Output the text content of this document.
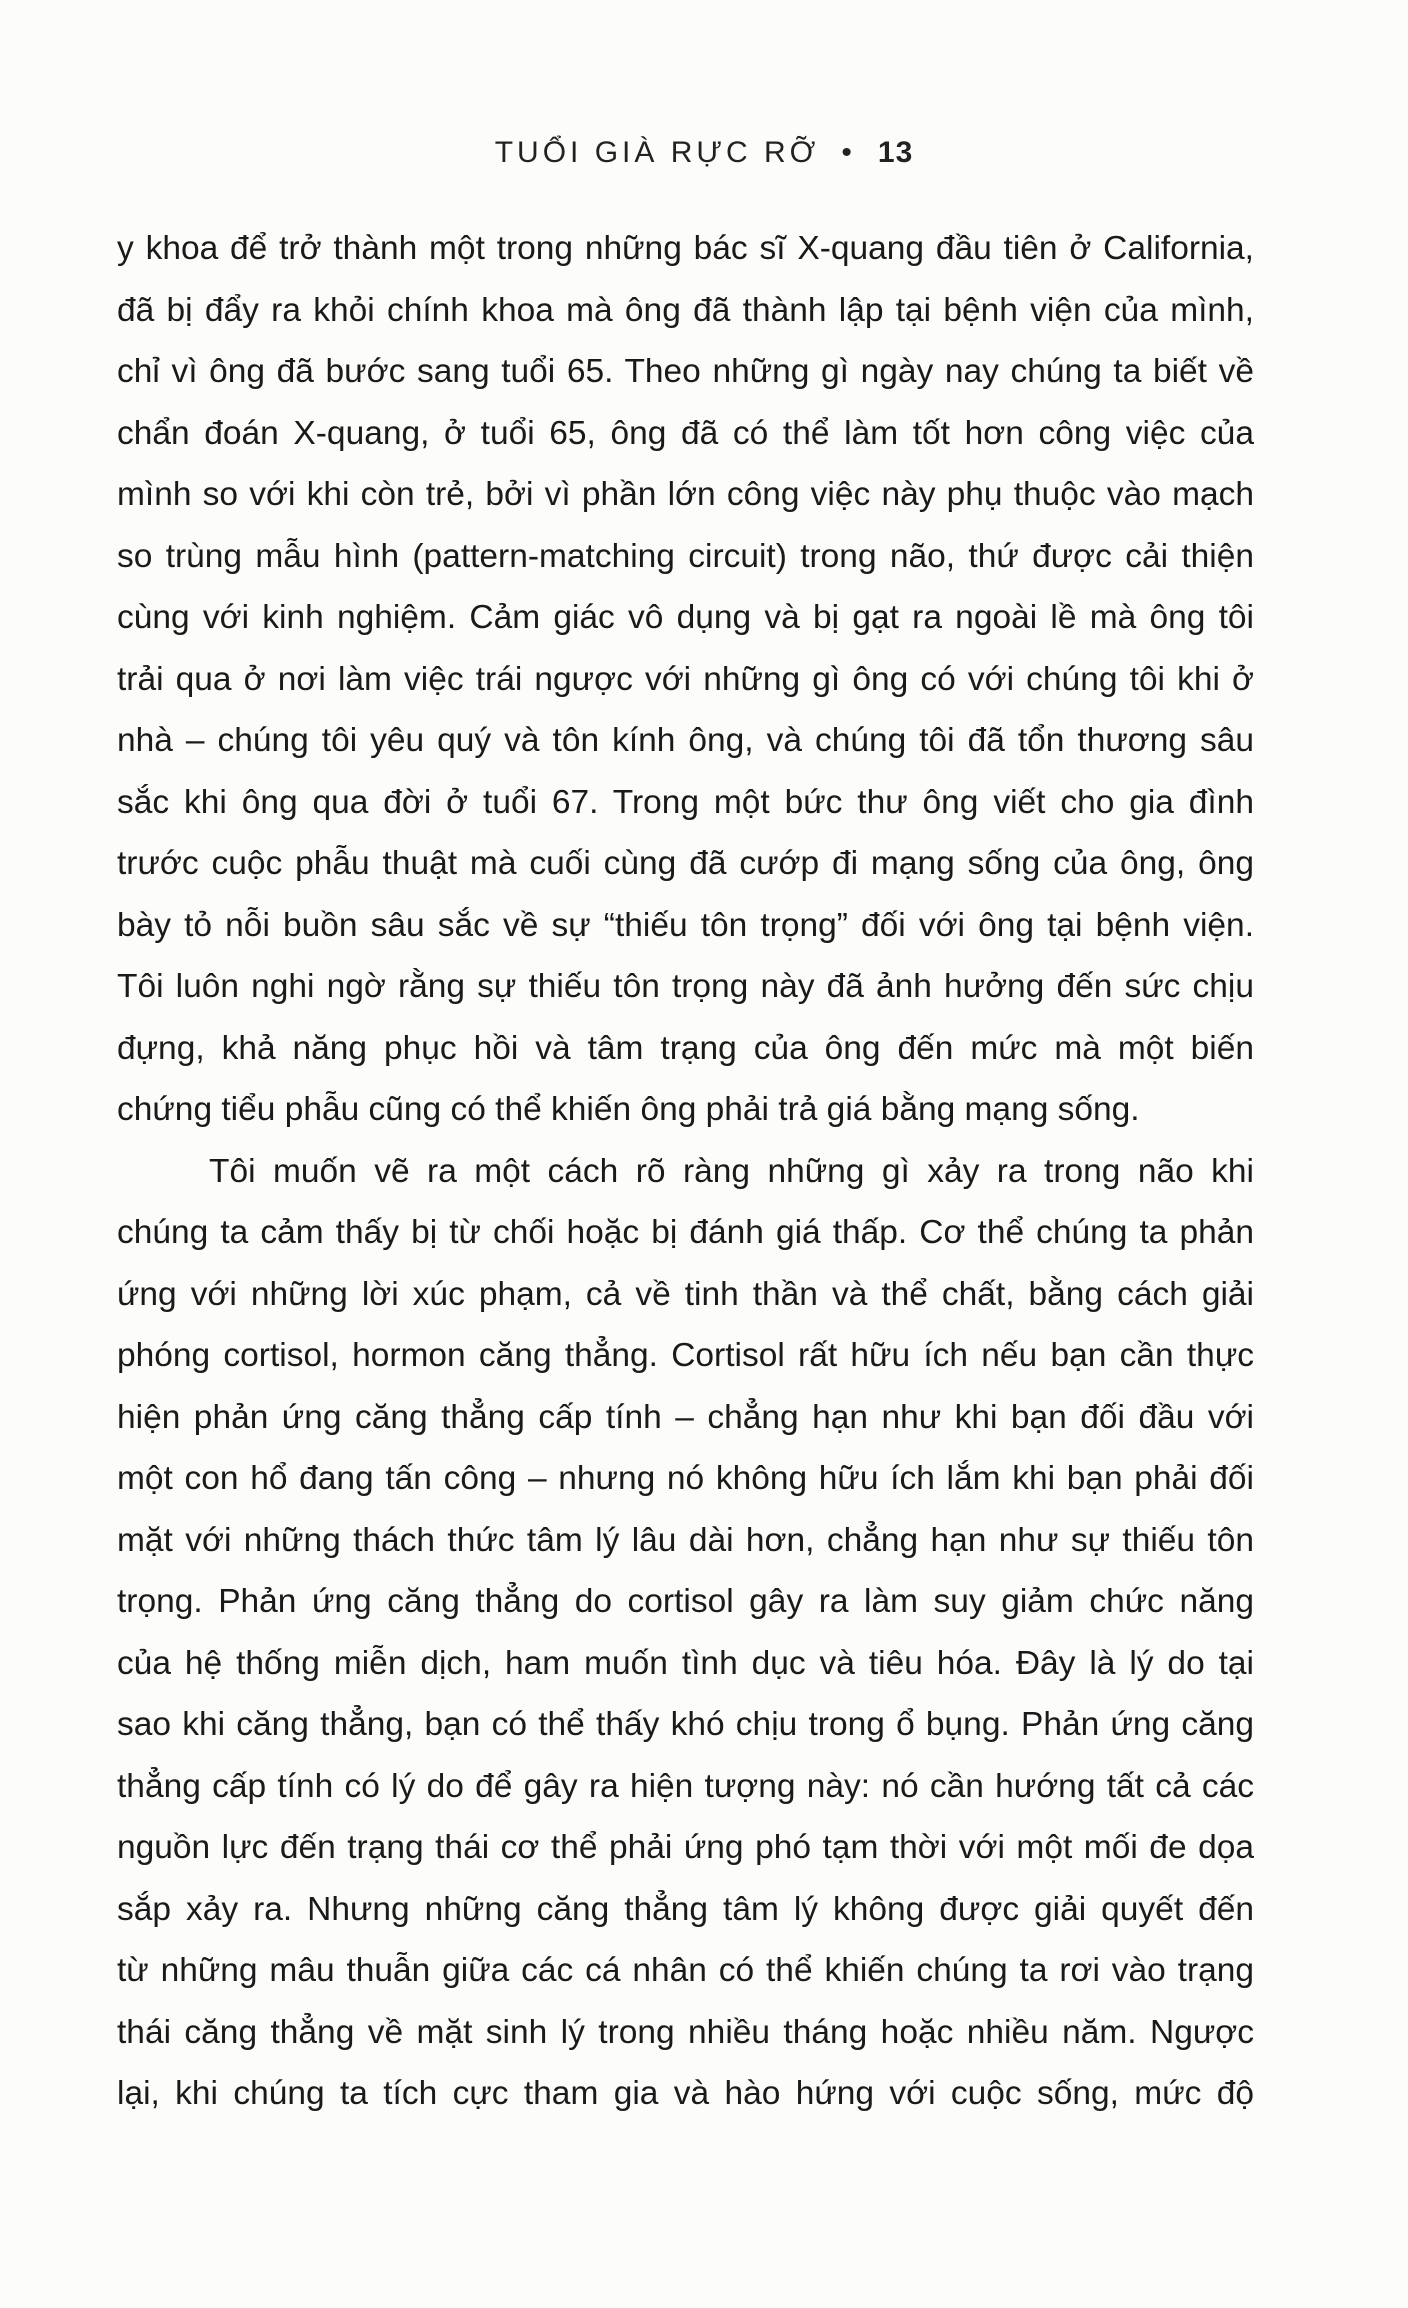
TUỔI GIÀ RỰC RỠ • 13
y khoa để trở thành một trong những bác sĩ X-quang đầu tiên ở California,
đã bị đẩy ra khỏi chính khoa mà ông đã thành lập tại bệnh viện của mình,
chỉ vì ông đã bước sang tuổi 65. Theo những gì ngày nay chúng ta biết về
chẩn đoán X-quang, ở tuổi 65, ông đã có thể làm tốt hơn công việc của
mình so với khi còn trẻ, bởi vì phần lớn công việc này phụ thuộc vào mạch
so trùng mẫu hình (pattern-matching circuit) trong não, thứ được cải thiện
cùng với kinh nghiệm. Cảm giác vô dụng và bị gạt ra ngoài lề mà ông tôi
trải qua ở nơi làm việc trái ngược với những gì ông có với chúng tôi khi ở
nhà – chúng tôi yêu quý và tôn kính ông, và chúng tôi đã tổn thương sâu
sắc khi ông qua đời ở tuổi 67. Trong một bức thư ông viết cho gia đình
trước cuộc phẫu thuật mà cuối cùng đã cướp đi mạng sống của ông, ông
bày tỏ nỗi buồn sâu sắc về sự “thiếu tôn trọng” đối với ông tại bệnh viện.
Tôi luôn nghi ngờ rằng sự thiếu tôn trọng này đã ảnh hưởng đến sức chịu
đựng, khả năng phục hồi và tâm trạng của ông đến mức mà một biến
chứng tiểu phẫu cũng có thể khiến ông phải trả giá bằng mạng sống.
Tôi muốn vẽ ra một cách rõ ràng những gì xảy ra trong não khi
chúng ta cảm thấy bị từ chối hoặc bị đánh giá thấp. Cơ thể chúng ta phản
ứng với những lời xúc phạm, cả về tinh thần và thể chất, bằng cách giải
phóng cortisol, hormon căng thẳng. Cortisol rất hữu ích nếu bạn cần thực
hiện phản ứng căng thẳng cấp tính – chẳng hạn như khi bạn đối đầu với
một con hổ đang tấn công – nhưng nó không hữu ích lắm khi bạn phải đối
mặt với những thách thức tâm lý lâu dài hơn, chẳng hạn như sự thiếu tôn
trọng. Phản ứng căng thẳng do cortisol gây ra làm suy giảm chức năng
của hệ thống miễn dịch, ham muốn tình dục và tiêu hóa. Đây là lý do tại
sao khi căng thẳng, bạn có thể thấy khó chịu trong ổ bụng. Phản ứng căng
thẳng cấp tính có lý do để gây ra hiện tượng này: nó cần hướng tất cả các
nguồn lực đến trạng thái cơ thể phải ứng phó tạm thời với một mối đe dọa
sắp xảy ra. Nhưng những căng thẳng tâm lý không được giải quyết đến
từ những mâu thuẫn giữa các cá nhân có thể khiến chúng ta rơi vào trạng
thái căng thẳng về mặt sinh lý trong nhiều tháng hoặc nhiều năm. Ngược
lại, khi chúng ta tích cực tham gia và hào hứng với cuộc sống, mức độ
